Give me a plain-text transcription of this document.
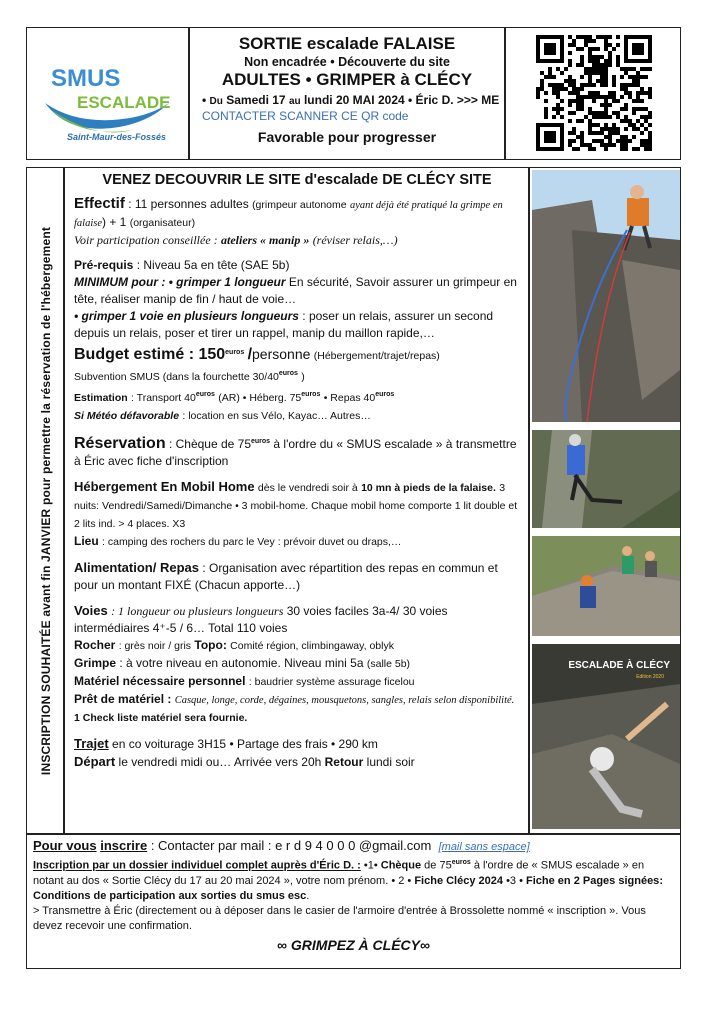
SMUS
ESCALADE
Saint-Maur-des-Fossés
SORTIE escalade FALAISE
Non encadrée • Découverte du site
ADULTES • GRIMPER à CLÉCY
• Du Samedi 17 au lundi 20 MAI 2024 • Éric D. >>> ME CONTACTER SCANNER CE QR code
Favorable pour progresser
INSCRIPTION SOUHAITÉE avant fin JANVIER pour permettre la réservation de l'hébergement
VENEZ DECOUVRIR LE SITE d'escalade DE CLÉCY SITE

Effectif : 11 personnes adultes (grimpeur autonome ayant déjà été pratiqué la grimpe en falaise) + 1 (organisateur)
Voir participation conseillée : ateliers « manip » (réviser relais,…)

Pré-requis : Niveau 5a en tête (SAE 5b)
MINIMUM pour : • grimper 1 longueur En sécurité, Savoir assurer un grimpeur en tête, réaliser manip de fin / haut de voie…
• grimper 1 voie en plusieurs longueurs : poser un relais, assurer un second depuis un relais, poser et tirer un rappel, manip du maillon rapide,…

Budget estimé : $150^{euros}$ /personne (Hébergement/trajet/repas)
Subvention SMUS (dans la fourchette $30/40^{euros}$ )
Estimation : Transport $40^{euros}$ (AR) • Héberg. $75^{euros}$ • Repas $40^{euros}$
Si Météo défavorable : location en sus Vélo, Kayac… Autres…

Réservation : Chèque de $75^{euros}$ à l'ordre du « SMUS escalade » à transmettre à Éric avec fiche d'inscription

Hébergement En Mobil Home dès le vendredi soir à 10 mn à pieds de la falaise. 3 nuits: Vendredi/Samedi/Dimanche • 3 mobil-home. Chaque mobil home comporte 1 lit double et 2 lits ind. > 4 places. X3
Lieu : camping des rochers du parc le Vey : prévoir duvet ou draps,…

Alimentation/ Repas : Organisation avec répartition des repas en commun et pour un montant FIXÉ (Chacun apporte…)

Voies : 1 longueur ou plusieurs longueurs 30 voies faciles 3a-4/ 30 voies intermédiaires 4⁺-5 / 6… Total 110 voies
Rocher : grès noir / gris Topo: Comité région, climbingaway, oblyk
Grimpe : à votre niveau en autonomie. Niveau mini 5a (salle 5b)
Matériel nécessaire personnel : baudrier système assurage ficelou
Prêt de matériel : Casque, longe, corde, dégaines, mousquetons, sangles, relais selon disponibilité. 1 Check liste matériel sera fournie.

Trajet en co voiturage 3H15 • Partage des frais • 290 km
Départ le vendredi midi ou… Arrivée vers 20h Retour lundi soir

ESCALADE À CLÉCY
Edition 2020
Pour vous inscrire : Contacter par mail : e r d 9 4 0 0 0 @gmail.com [mail sans espace]
Inscription par un dossier individuel complet auprès d'Éric D. : •1• Chèque de $75^{euros}$ à l'ordre de « SMUS escalade » en notant au dos « Sortie Clécy du 17 au 20 mai 2024 », votre nom prénom. • 2 • Fiche Clécy 2024 •3 • Fiche en 2 Pages signées: Conditions de participation aux sorties du smus esc.
> Transmettre à Éric (directement ou à déposer dans le casier de l'armoire d'entrée à Brossolette nommé « inscription ». Vous devez recevoir une confirmation.
∞ GRIMPEZ À CLÉCY∞
